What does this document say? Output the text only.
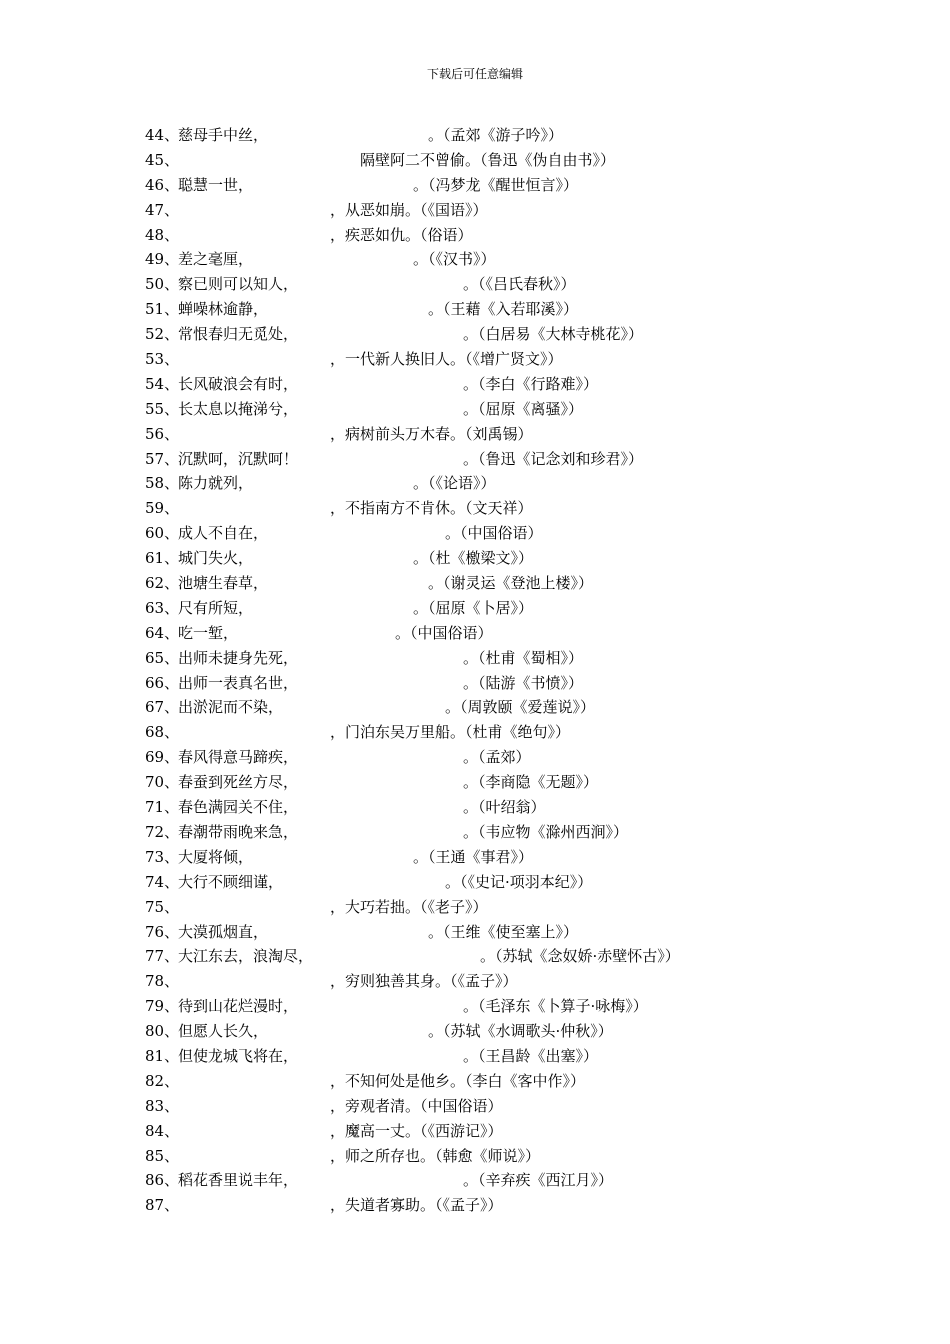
下载后可任意编辑
44、
慈母手中丝，	。（孟郊《游子吟》）
45、	隔壁阿二不曾偷。（鲁迅《伪自由书》）
46、
聪慧一世，	。（冯梦龙《醒世恒言》）
47、	，从恶如崩。（《国语》）
48、	，疾恶如仇。（俗语）
49、
差之毫厘，	。（《汉书》）
50、
察已则可以知人，	。（《吕氏春秋》）
51、
蝉噪林逾静，	。（王藉《入若耶溪》）
52、
常恨春归无觅处，	。（白居易《大林寺桃花》）
53、	，一代新人换旧人。（《增广贤文》）
54、
长风破浪会有时，	。（李白《行路难》）
55、
长太息以掩涕兮，	。（屈原《离骚》）
56、	，病树前头万木春。（刘禹锡）
57、
沉默呵，沉默呵！	。（鲁迅《记念刘和珍君》）
58、
陈力就列，	。（《论语》）
59、	，不指南方不肯休。（文天祥）
60、
成人不自在，	。（中国俗语）
61、
城门失火，	。（杜《檄梁文》）
62、
池塘生春草，	。（谢灵运《登池上楼》）
63、
尺有所短，	。（屈原《卜居》）
64、
吃一堑，	。（中国俗语）
65、
出师未捷身先死，	。（杜甫《蜀相》）
66、
出师一表真名世，	。（陆游《书愤》）
67、
出淤泥而不染，	。（周敦颐《爱莲说》）
68、	，门泊东吴万里船。（杜甫《绝句》）
69、
春风得意马蹄疾，	。（孟郊）
70、
春蚕到死丝方尽，	。（李商隐《无题》）
71、
春色满园关不住，	。（叶绍翁）
72、
春潮带雨晚来急，	。（韦应物《滁州西涧》）
73、
大厦将倾，	。（王通《事君》）
74、
大行不顾细谨，	。（《史记·项羽本纪》）
75、	，大巧若拙。（《老子》）
76、
大漠孤烟直，	。（王维《使至塞上》）
77、
大江东去，浪淘尽，	。（苏轼《念奴娇·赤壁怀古》）
78、	，穷则独善其身。（《孟子》）
79、
待到山花烂漫时，	。（毛泽东《卜算子·咏梅》）
80、
但愿人长久，	。（苏轼《水调歌头·仲秋》）
81、
但使龙城飞将在，	。（王昌龄《出塞》）
82、	，不知何处是他乡。（李白《客中作》）
83、	，旁观者清。（中国俗语）
84、	，魔高一丈。（《西游记》）
85、	，师之所存也。（韩愈《师说》）
86、
稻花香里说丰年，	。（辛弃疾《西江月》）
87、	，失道者寡助。（《孟子》）
